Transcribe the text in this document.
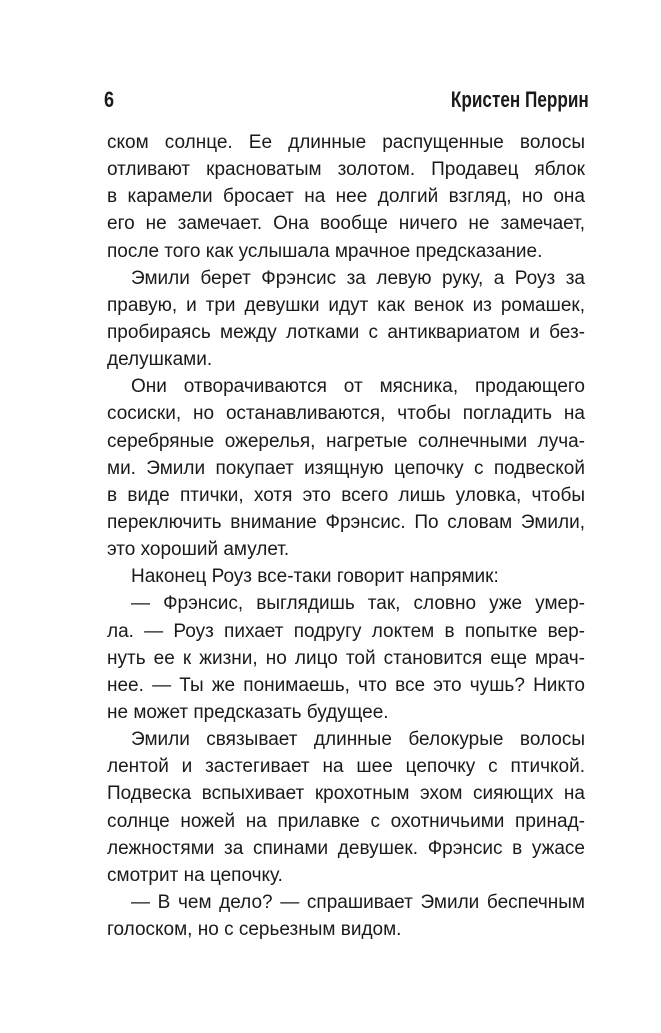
6	Кристен Перрин
ском солнце. Ее длинные распущенные волосы
отливают красноватым золотом. Продавец яблок
в карамели бросает на нее долгий взгляд, но она
его не замечает. Она вообще ничего не замечает,
после того как услышала мрачное предсказание.
Эмили берет Фрэнсис за левую руку, а Роуз за
правую, и три девушки идут как венок из ромашек,
пробираясь между лотками с антиквариатом и без-
делушками.
Они отворачиваются от мясника, продающего
сосиски, но останавливаются, чтобы погладить на
серебряные ожерелья, нагретые солнечными луча-
ми. Эмили покупает изящную цепочку с подвеской
в виде птички, хотя это всего лишь уловка, чтобы
переключить внимание Фрэнсис. По словам Эмили,
это хороший амулет.
Наконец Роуз все-таки говорит напрямик:
— Фрэнсис, выглядишь так, словно уже умер-
ла. — Роуз пихает подругу локтем в попытке вер-
нуть ее к жизни, но лицо той становится еще мрач-
нее. — Ты же понимаешь, что все это чушь? Никто
не может предсказать будущее.
Эмили связывает длинные белокурые волосы
лентой и застегивает на шее цепочку с птичкой.
Подвеска вспыхивает крохотным эхом сияющих на
солнце ножей на прилавке с охотничьими принад-
лежностями за спинами девушек. Фрэнсис в ужасе
смотрит на цепочку.
— В чем дело? — спрашивает Эмили беспечным
голоском, но с серьезным видом.
